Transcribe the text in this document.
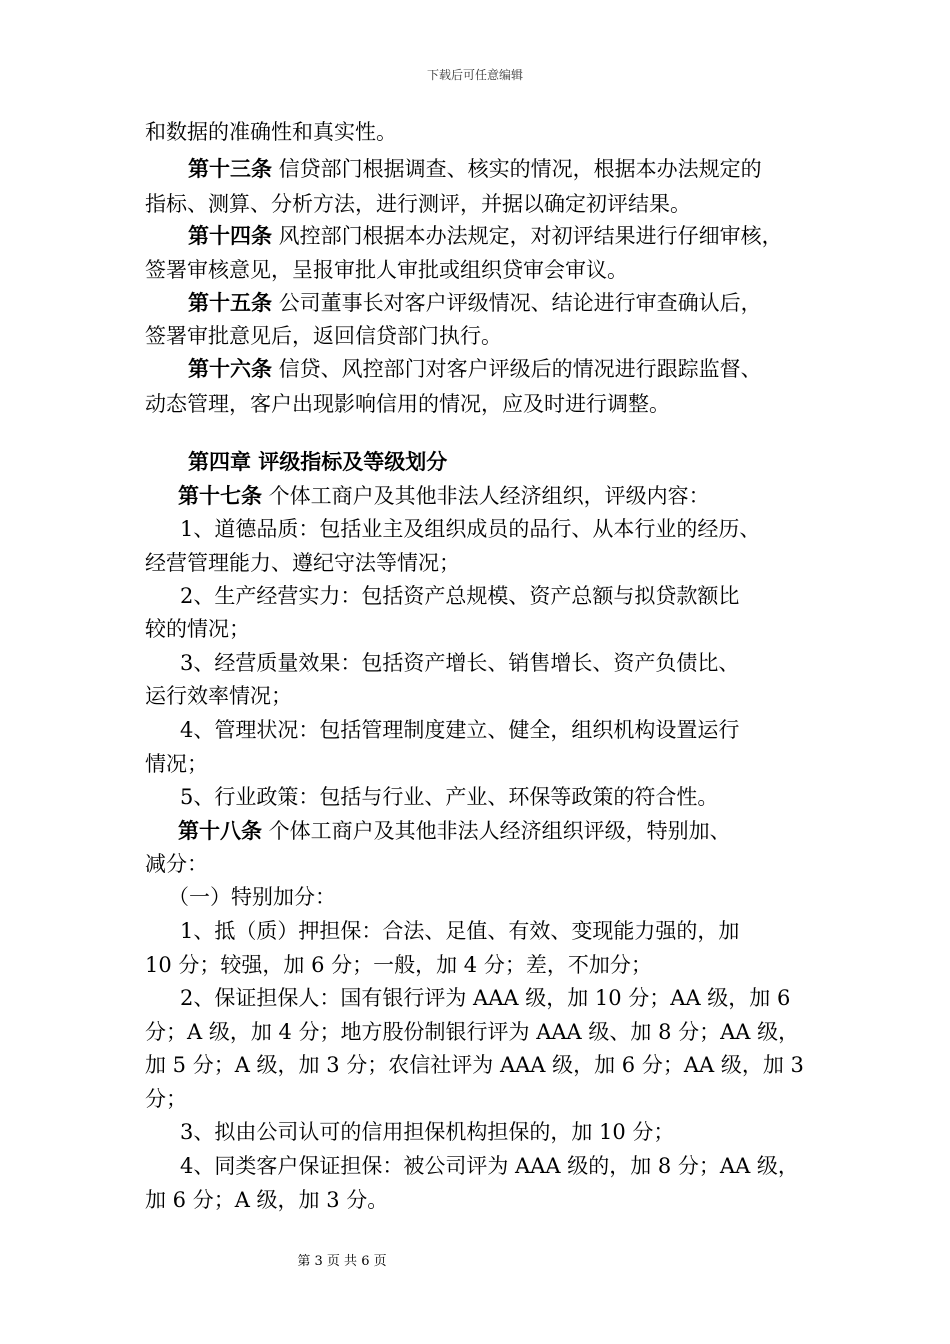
下载后可任意编辑
和数据的准确性和真实性。
第十三条 信贷部门根据调查、核实的情况，根据本办法规定的
指标、测算、分析方法，进行测评，并据以确定初评结果。
第十四条 风控部门根据本办法规定，对初评结果进行仔细审核，
签署审核意见，呈报审批人审批或组织贷审会审议。
第十五条 公司董事长对客户评级情况、结论进行审查确认后，
签署审批意见后，返回信贷部门执行。
第十六条 信贷、风控部门对客户评级后的情况进行跟踪监督、
动态管理，客户出现影响信用的情况，应及时进行调整。
第四章 评级指标及等级划分
第十七条 个体工商户及其他非法人经济组织，评级内容：
1、道德品质：包括业主及组织成员的品行、从本行业的经历、
经营管理能力、遵纪守法等情况；
2、生产经营实力：包括资产总规模、资产总额与拟贷款额比
较的情况；
3、经营质量效果：包括资产增长、销售增长、资产负债比、
运行效率情况；
4、管理状况：包括管理制度建立、健全，组织机构设置运行
情况；
5、行业政策：包括与行业、产业、环保等政策的符合性。
第十八条 个体工商户及其他非法人经济组织评级，特别加、
减分：
（一）特别加分：
1、抵（质）押担保：合法、足值、有效、变现能力强的，加
10 分；较强，加 6 分；一般，加 4 分；差，不加分；
2、保证担保人：国有银行评为 AAA 级，加 10 分；AA 级，加 6
分；A 级，加 4 分；地方股份制银行评为 AAA 级、加 8 分；AA 级，
加 5 分；A 级，加 3 分；农信社评为 AAA 级，加 6 分；AA 级，加 3
分；
3、拟由公司认可的信用担保机构担保的，加 10 分；
4、同类客户保证担保：被公司评为 AAA 级的，加 8 分；AA 级，
加 6 分；A 级，加 3 分。
第 3 页 共 6 页
